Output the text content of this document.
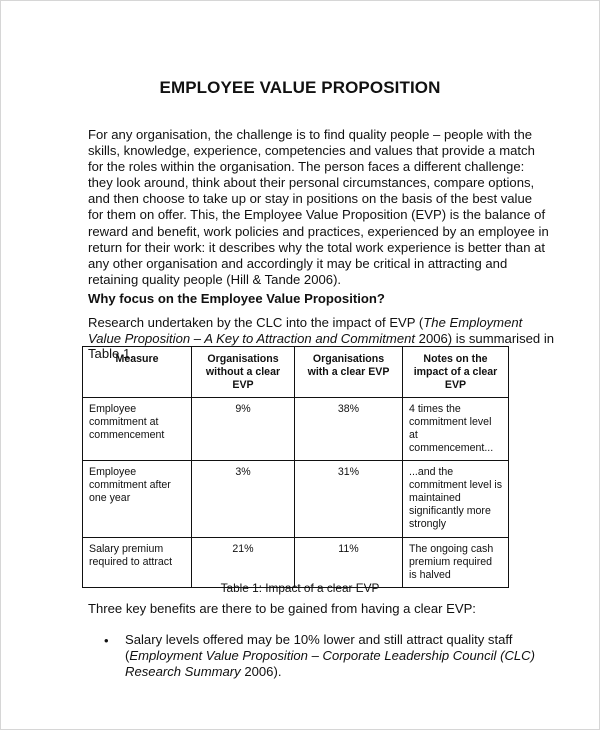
EMPLOYEE VALUE PROPOSITION
For any organisation, the challenge is to find quality people – people with the skills, knowledge, experience, competencies and values that provide a match for the roles within the organisation. The person faces a different challenge: they look around, think about their personal circumstances, compare options, and then choose to take up or stay in positions on the basis of the best value for them on offer. This, the Employee Value Proposition (EVP) is the balance of reward and benefit, work policies and practices, experienced by an employee in return for their work: it describes why the total work experience is better than at any other organisation and accordingly it may be critical in attracting and retaining quality people (Hill & Tande 2006).
Why focus on the Employee Value Proposition?
Research undertaken by the CLC into the impact of EVP (The Employment Value Proposition – A Key to Attraction and Commitment 2006) is summarised in Table 1.
Measure	Organisations without a clear EVP	Organisations with a clear EVP	Notes on the impact of a clear EVP
Employee commitment at commencement	9%	38%	4 times the commitment level at commencement...
Employee commitment after one year	3%	31%	...and the commitment level is maintained significantly more strongly
Salary premium required to attract	21%	11%	The ongoing cash premium required is halved
Table 1: Impact of a clear EVP
Three key benefits are there to be gained from having a clear EVP:
• Salary levels offered may be 10% lower and still attract quality staff (Employment Value Proposition – Corporate Leadership Council (CLC) Research Summary 2006).
